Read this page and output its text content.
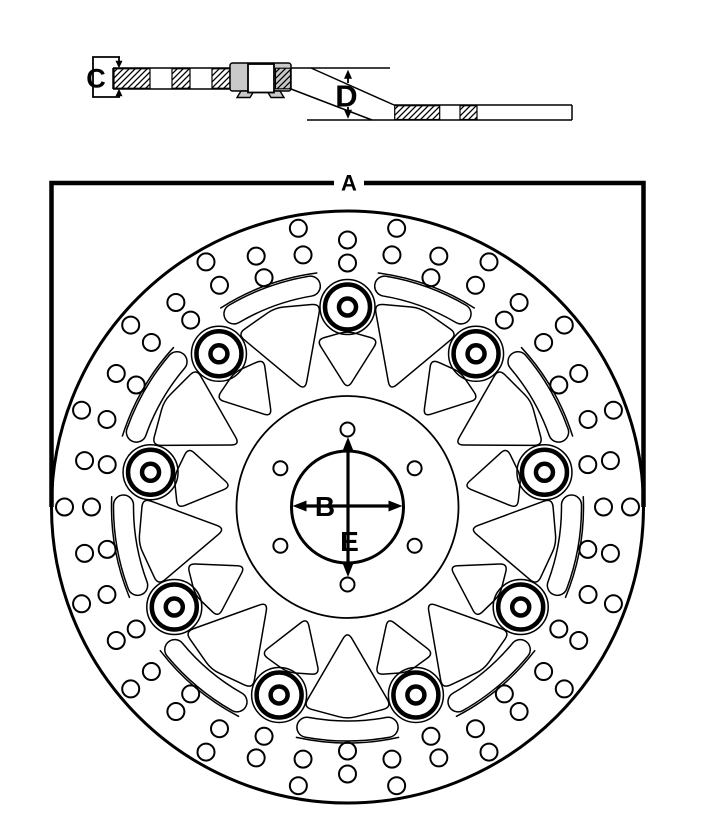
C	D
A
B
E
